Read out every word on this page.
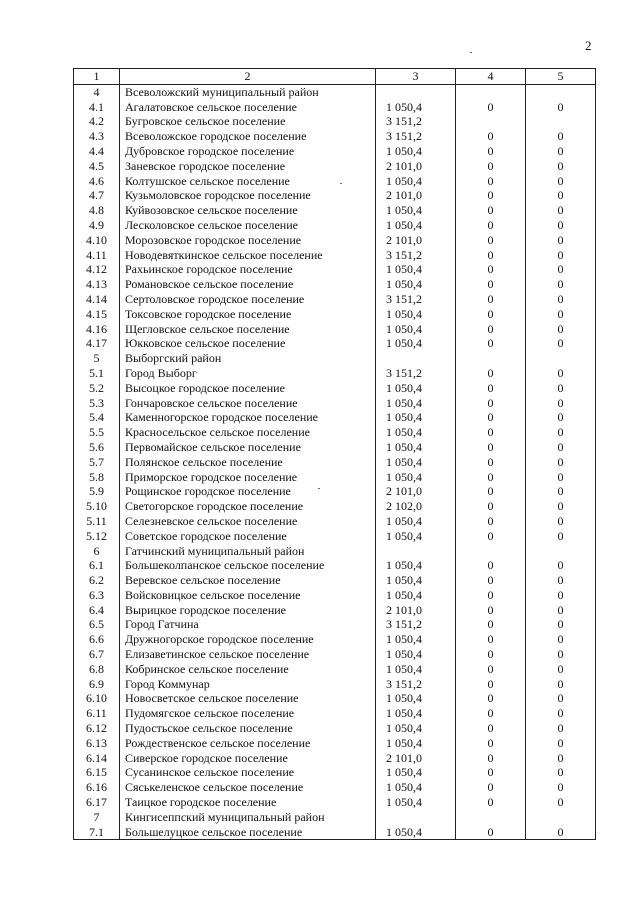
2
1	2	3	4	5
4	Всеволожский муниципальный район			
4.1	Агалатовское сельское поселение	1 050,4	0	0
4.2	Бугровское сельское поселение	3 151,2		
4.3	Всеволожское городское поселение	3 151,2	0	0
4.4	Дубровское городское поселение	1 050,4	0	0
4.5	Заневское городское поселение	2 101,0	0	0
4.6	Колтушское сельское поселение	1 050,4	0	0
4.7	Кузьмоловское городское поселение	2 101,0	0	0
4.8	Куйвозовское сельское поселение	1 050,4	0	0
4.9	Лесколовское сельское поселение	1 050,4	0	0
4.10	Морозовское городское поселение	2 101,0	0	0
4.11	Новодевяткинское сельское поселение	3 151,2	0	0
4.12	Рахьинское городское поселение	1 050,4	0	0
4.13	Романовское сельское поселение	1 050,4	0	0
4.14	Сертоловское городское поселение	3 151,2	0	0
4.15	Токсовское городское поселение	1 050,4	0	0
4.16	Щегловское сельское поселение	1 050,4	0	0
4.17	Юкковское сельское поселение	1 050,4	0	0
5	Выборгский район			
5.1	Город Выборг	3 151,2	0	0
5.2	Высоцкое городское поселение	1 050,4	0	0
5.3	Гончаровское сельское поселение	1 050,4	0	0
5.4	Каменногорское городское поселение	1 050,4	0	0
5.5	Красносельское сельское поселение	1 050,4	0	0
5.6	Первомайское сельское поселение	1 050,4	0	0
5.7	Полянское сельское поселение	1 050,4	0	0
5.8	Приморское городское поселение	1 050,4	0	0
5.9	Рощинское городское поселение	2 101,0	0	0
5.10	Светогорское городское поселение	2 102,0	0	0
5.11	Селезневское сельское поселение	1 050,4	0	0
5.12	Советское городское поселение	1 050,4	0	0
6	Гатчинский муниципальный район			
6.1	Большеколпанское сельское поселение	1 050,4	0	0
6.2	Веревское сельское поселение	1 050,4	0	0
6.3	Войсковицкое сельское поселение	1 050,4	0	0
6.4	Вырицкое городское поселение	2 101,0	0	0
6.5	Город Гатчина	3 151,2	0	0
6.6	Дружногорское городское поселение	1 050,4	0	0
6.7	Елизаветинское сельское поселение	1 050,4	0	0
6.8	Кобринское сельское поселение	1 050,4	0	0
6.9	Город Коммунар	3 151,2	0	0
6.10	Новосветское сельское поселение	1 050,4	0	0
6.11	Пудомягское сельское поселение	1 050,4	0	0
6.12	Пудостьское сельское поселение	1 050,4	0	0
6.13	Рождественское сельское поселение	1 050,4	0	0
6.14	Сиверское городское поселение	2 101,0	0	0
6.15	Сусанинское сельское поселение	1 050,4	0	0
6.16	Сяськеленское сельское поселение	1 050,4	0	0
6.17	Таицкое городское поселение	1 050,4	0	0
7	Кингисеппский муниципальный район			
7.1	Большелуцкое сельское поселение	1 050,4	0	0
